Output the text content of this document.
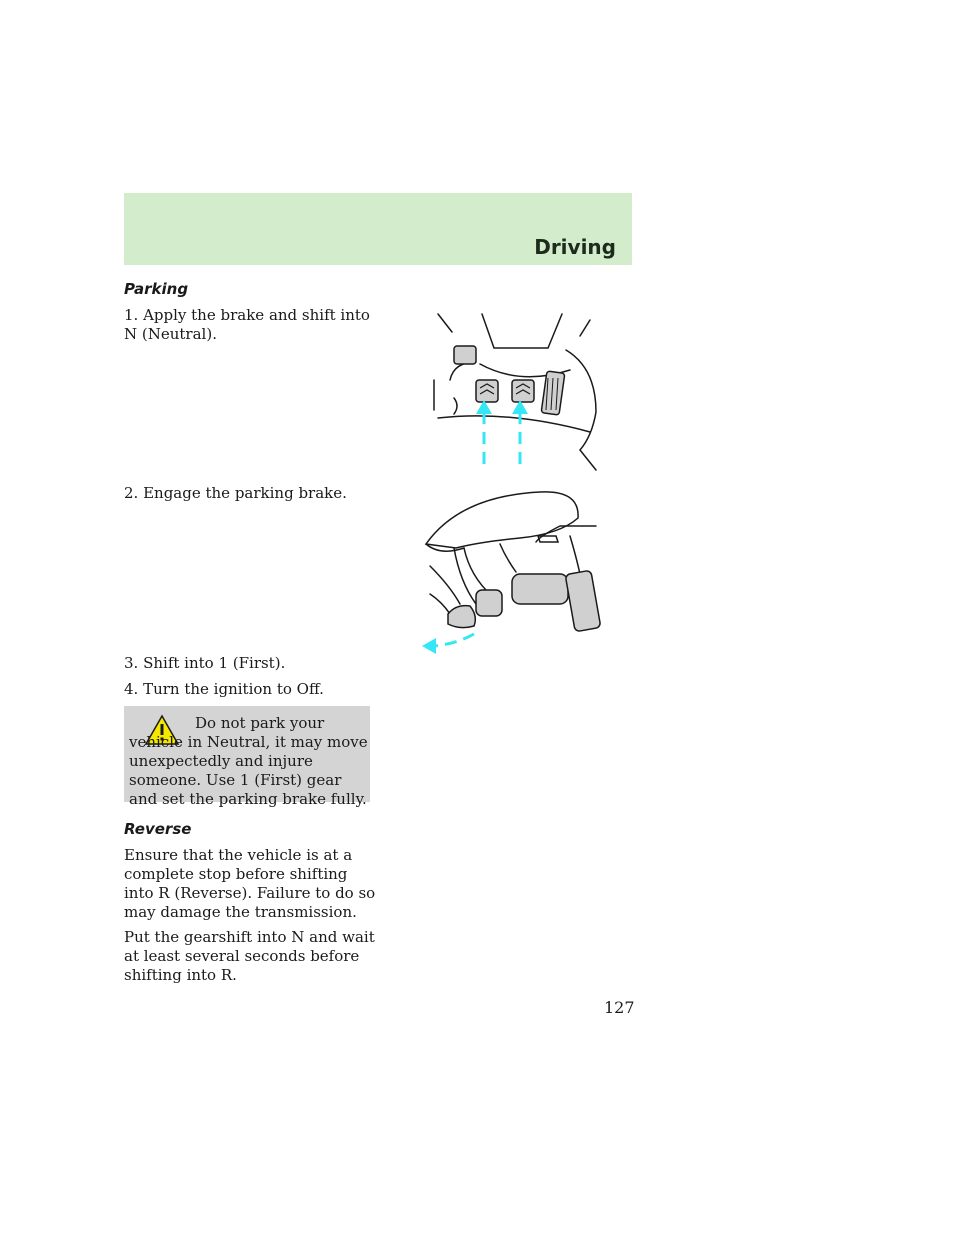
Driving
Parking

1. Apply the brake and shift into N (Neutral).

2. Engage the parking brake.

3. Shift into 1 (First).

4. Turn the ignition to Off.

Do not park your vehicle in Neutral, it may move unexpectedly and injure someone. Use 1 (First) gear and set the parking brake fully.

Reverse

Ensure that the vehicle is at a complete stop before shifting into R (Reverse). Failure to do so may damage the transmission.

Put the gearshift into N and wait at least several seconds before shifting into R.

127
